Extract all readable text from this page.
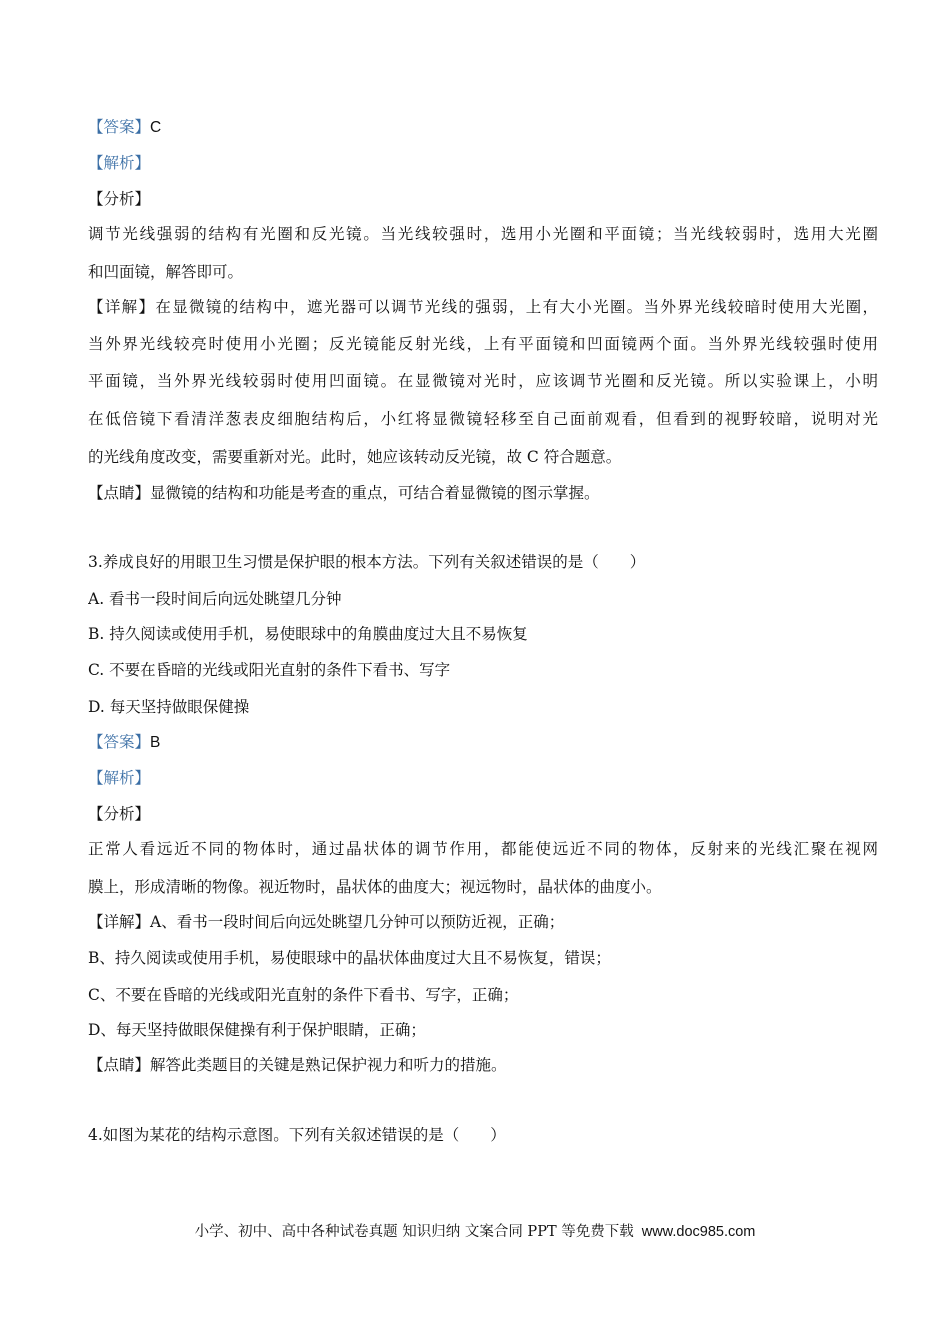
【答案】C
【解析】
【分析】
调节光线强弱的结构有光圈和反光镜。当光线较强时，选用小光圈和平面镜；当光线较弱时，选用大光圈
和凹面镜，解答即可。
【详解】在显微镜的结构中，遮光器可以调节光线的强弱，上有大小光圈。当外界光线较暗时使用大光圈，
当外界光线较亮时使用小光圈；反光镜能反射光线，上有平面镜和凹面镜两个面。当外界光线较强时使用
平面镜，当外界光线较弱时使用凹面镜。在显微镜对光时，应该调节光圈和反光镜。所以实验课上，小明
在低倍镜下看清洋葱表皮细胞结构后，小红将显微镜轻移至自己面前观看，但看到的视野较暗，说明对光
的光线角度改变，需要重新对光。此时，她应该转动反光镜，故 C 符合题意。
【点睛】显微镜的结构和功能是考查的重点，可结合着显微镜的图示掌握。
3.养成良好的用眼卫生习惯是保护眼的根本方法。下列有关叙述错误的是（　　）
A. 看书一段时间后向远处眺望几分钟
B. 持久阅读或使用手机，易使眼球中的角膜曲度过大且不易恢复
C. 不要在昏暗的光线或阳光直射的条件下看书、写字
D. 每天坚持做眼保健操
【答案】B
【解析】
【分析】
正常人看远近不同的物体时，通过晶状体的调节作用，都能使远近不同的物体，反射来的光线汇聚在视网
膜上，形成清晰的物像。视近物时，晶状体的曲度大；视远物时，晶状体的曲度小。
【详解】A、看书一段时间后向远处眺望几分钟可以预防近视，正确；
B、持久阅读或使用手机，易使眼球中的晶状体曲度过大且不易恢复，错误；
C、不要在昏暗的光线或阳光直射的条件下看书、写字，正确；
D、每天坚持做眼保健操有利于保护眼睛，正确；
【点睛】解答此类题目的关键是熟记保护视力和听力的措施。
4.如图为某花的结构示意图。下列有关叙述错误的是（　　）
小学、初中、高中各种试卷真题 知识归纳 文案合同 PPT 等免费下载 www.doc985.com
